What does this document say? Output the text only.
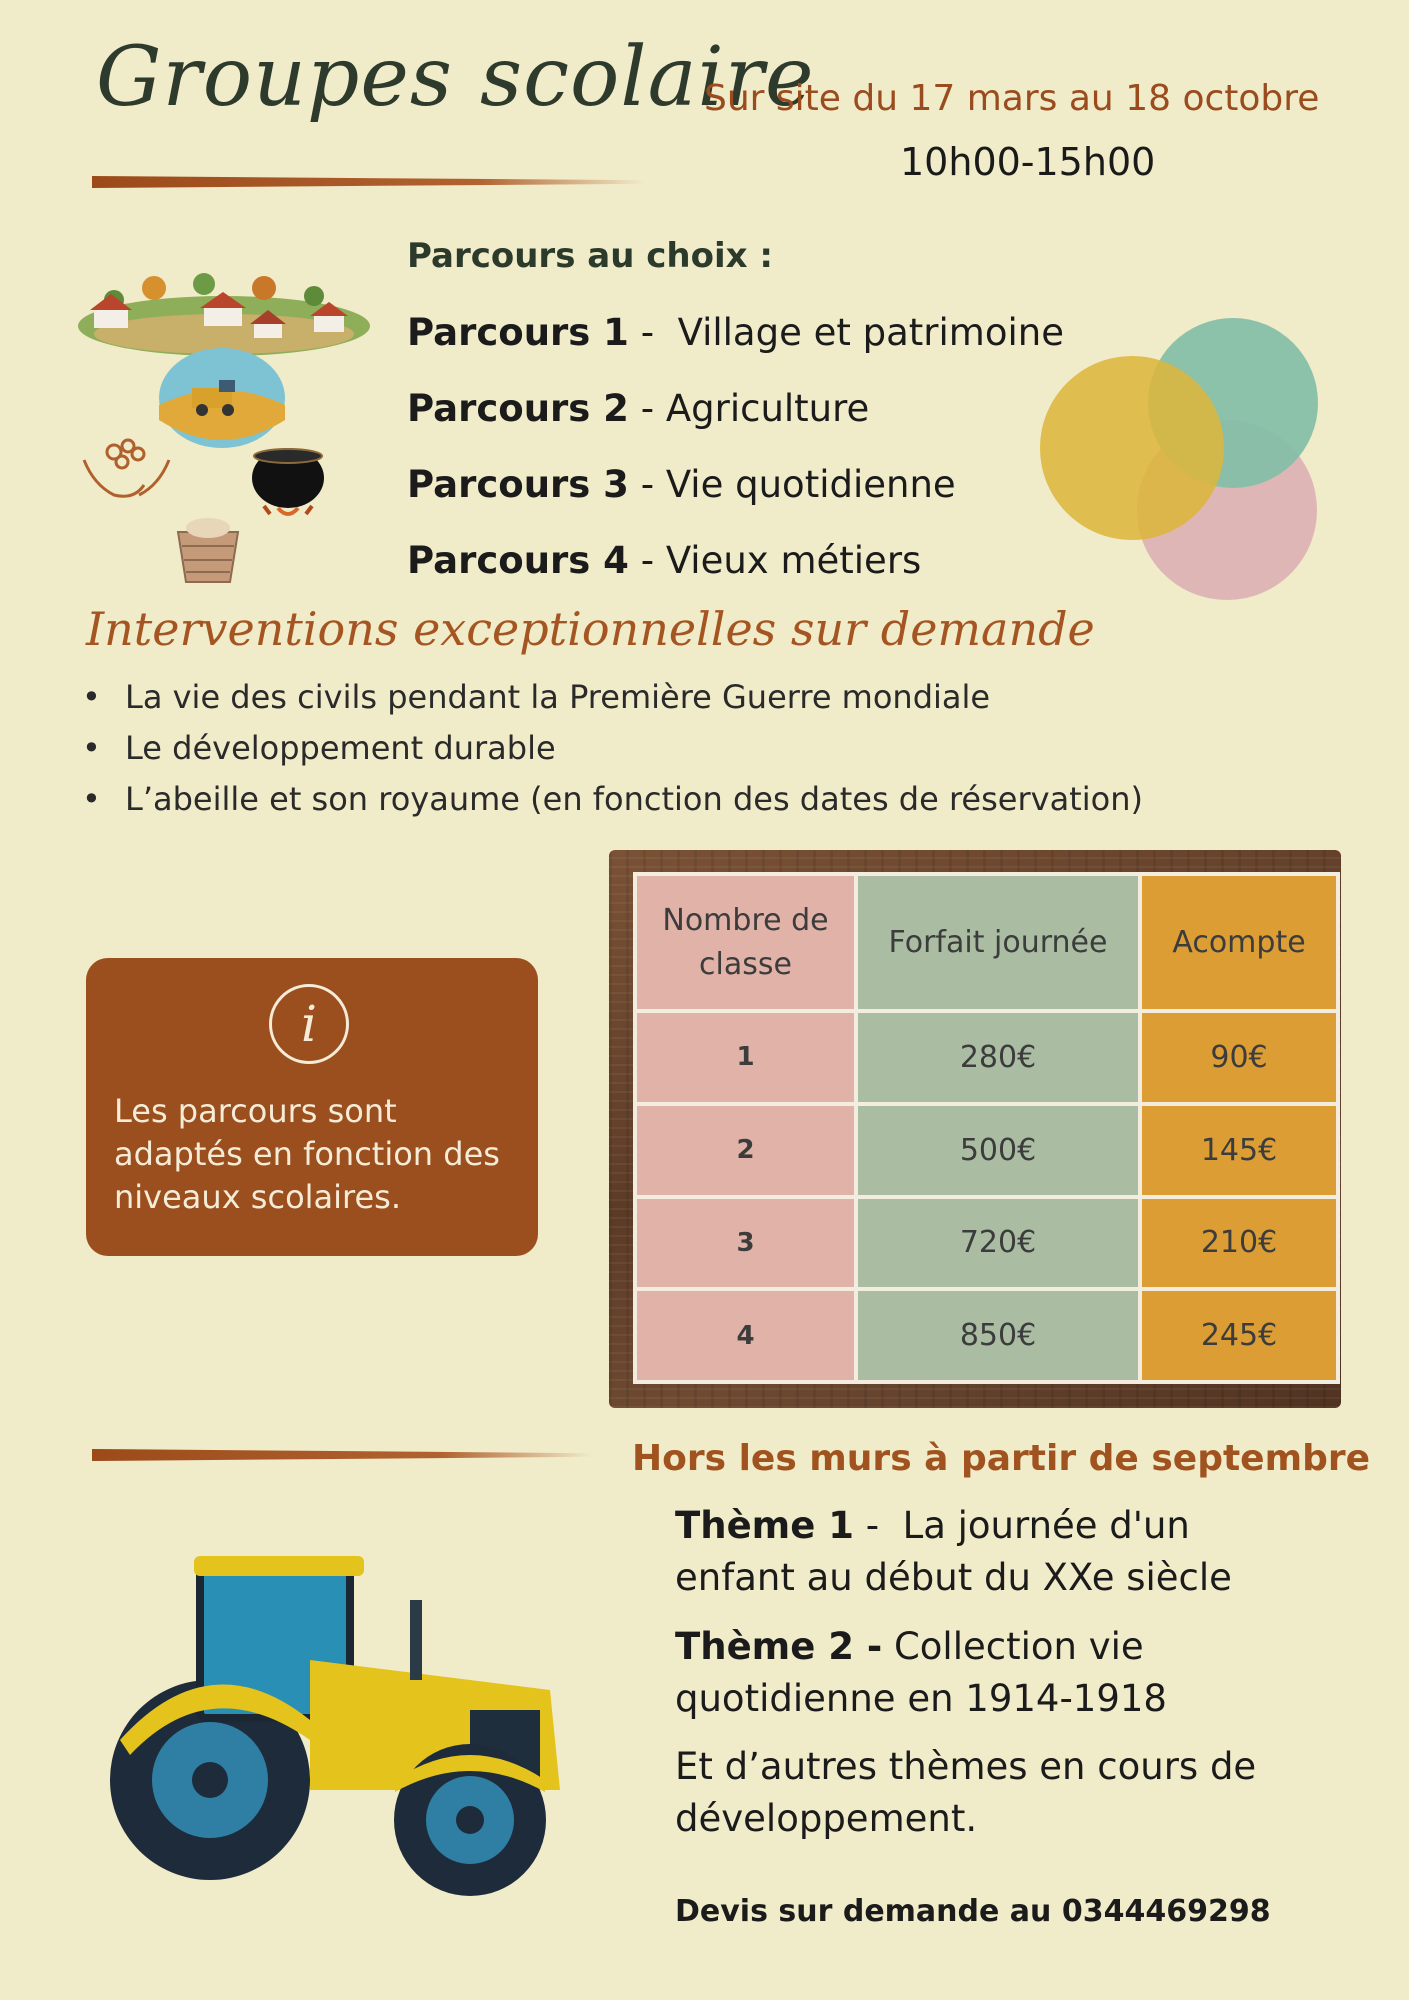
Groupes scolaire
Sur site du 17 mars au 18 octobre
10h00-15h00
Parcours au choix :
Parcours 1 -  Village et patrimoine
Parcours 2 - Agriculture
Parcours 3 - Vie quotidienne
Parcours 4 - Vieux métiers
Interventions exceptionnelles sur demande
• La vie des civils pendant la Première Guerre mondiale
• Le développement durable
• L’abeille et son royaume (en fonction des dates de réservation)
i
Les parcours sont adaptés en fonction des niveaux scolaires.
Nombre de classe	Forfait journée	Acompte
1	280€	90€
2	500€	145€
3	720€	210€
4	850€	245€
Hors les murs à partir de septembre
Thème 1 -  La journée d'un enfant au début du XXe siècle
Thème 2 - Collection vie quotidienne en 1914-1918
Et d’autres thèmes en cours de développement.
Devis sur demande au 0344469298
